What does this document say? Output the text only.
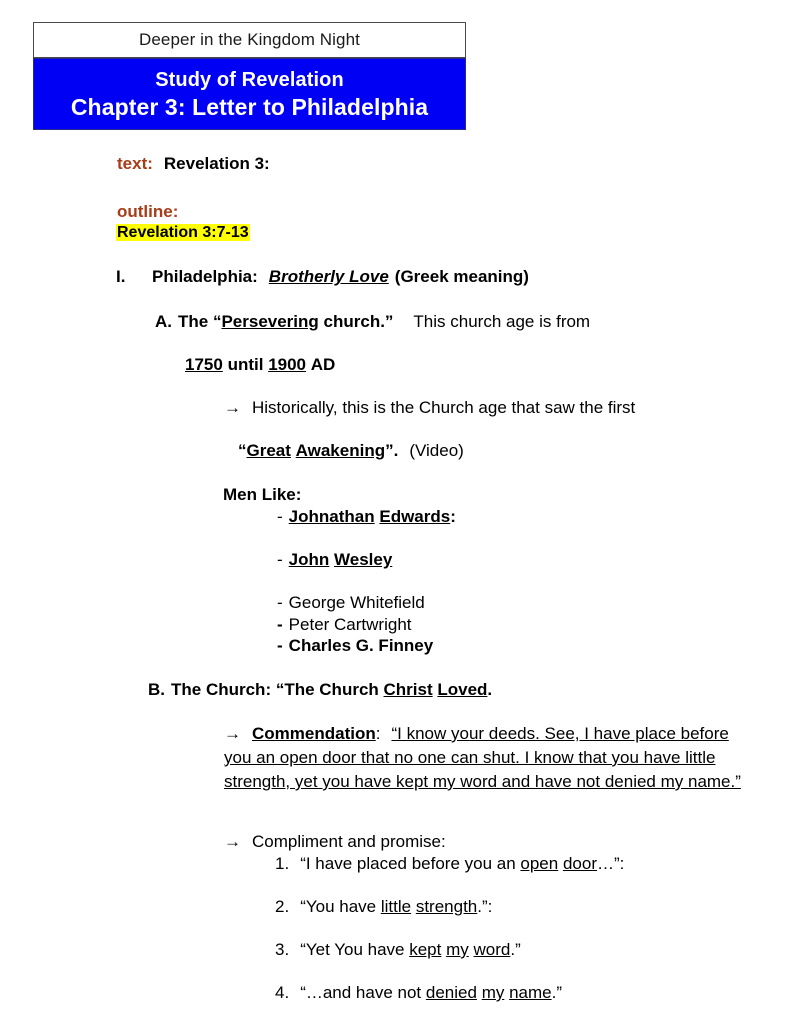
Deeper in the Kingdom Night
Study of Revelation
Chapter 3: Letter to Philadelphia
text: Revelation 3:
outline:
Revelation 3:7-13
I. Philadelphia: Brotherly Love (Greek meaning)
A. The “Persevering church.” This church age is from
1750 until 1900 AD
→ Historically, this is the Church age that saw the first
“Great Awakening”. (Video)
Men Like:
- Johnathan Edwards:
- John Wesley
- George Whitefield
- Peter Cartwright
- Charles G. Finney
B. The Church: “The Church Christ Loved.
→ Commendation: “I know your deeds. See, I have place before you an open door that no one can shut. I know that you have little strength, yet you have kept my word and have not denied my name.”
→ Compliment and promise:
1. “I have placed before you an open door…”:
2. “You have little strength.”:
3. “Yet You have kept my word.”
4. “…and have not denied my name.”
